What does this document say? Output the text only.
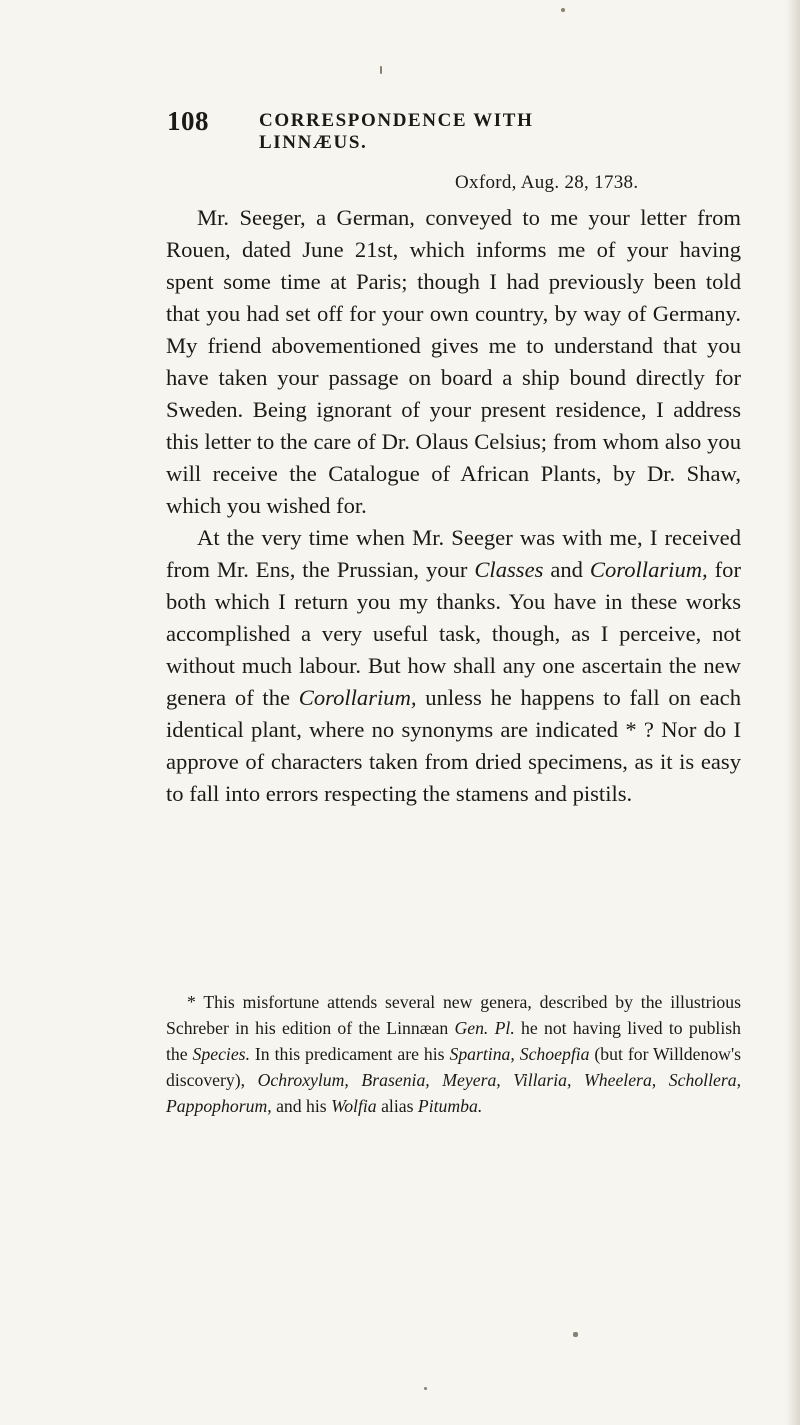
108	CORRESPONDENCE WITH LINNÆUS.
Oxford, Aug. 28, 1738.

Mr. Seeger, a German, conveyed to me your letter from Rouen, dated June 21st, which informs me of your having spent some time at Paris; though I had previously been told that you had set off for your own country, by way of Germany. My friend abovementioned gives me to understand that you have taken your passage on board a ship bound directly for Sweden. Being ignorant of your present residence, I address this letter to the care of Dr. Olaus Celsius; from whom also you will receive the Catalogue of African Plants, by Dr. Shaw, which you wished for.

At the very time when Mr. Seeger was with me, I received from Mr. Ens, the Prussian, your Classes and Corollarium, for both which I return you my thanks. You have in these works accomplished a very useful task, though, as I perceive, not without much labour. But how shall any one ascertain the new genera of the Corollarium, unless he happens to fall on each identical plant, where no synonyms are indicated * ? Nor do I approve of characters taken from dried specimens, as it is easy to fall into errors respecting the stamens and pistils.

* This misfortune attends several new genera, described by the illustrious Schreber in his edition of the Linnæan Gen. Pl. he not having lived to publish the Species. In this predicament are his Spartina, Schoepfia (but for Willdenow's discovery), Ochroxylum, Brasenia, Meyera, Villaria, Wheelera, Schollera, Pappophorum, and his Wolfia alias Pitumba.
